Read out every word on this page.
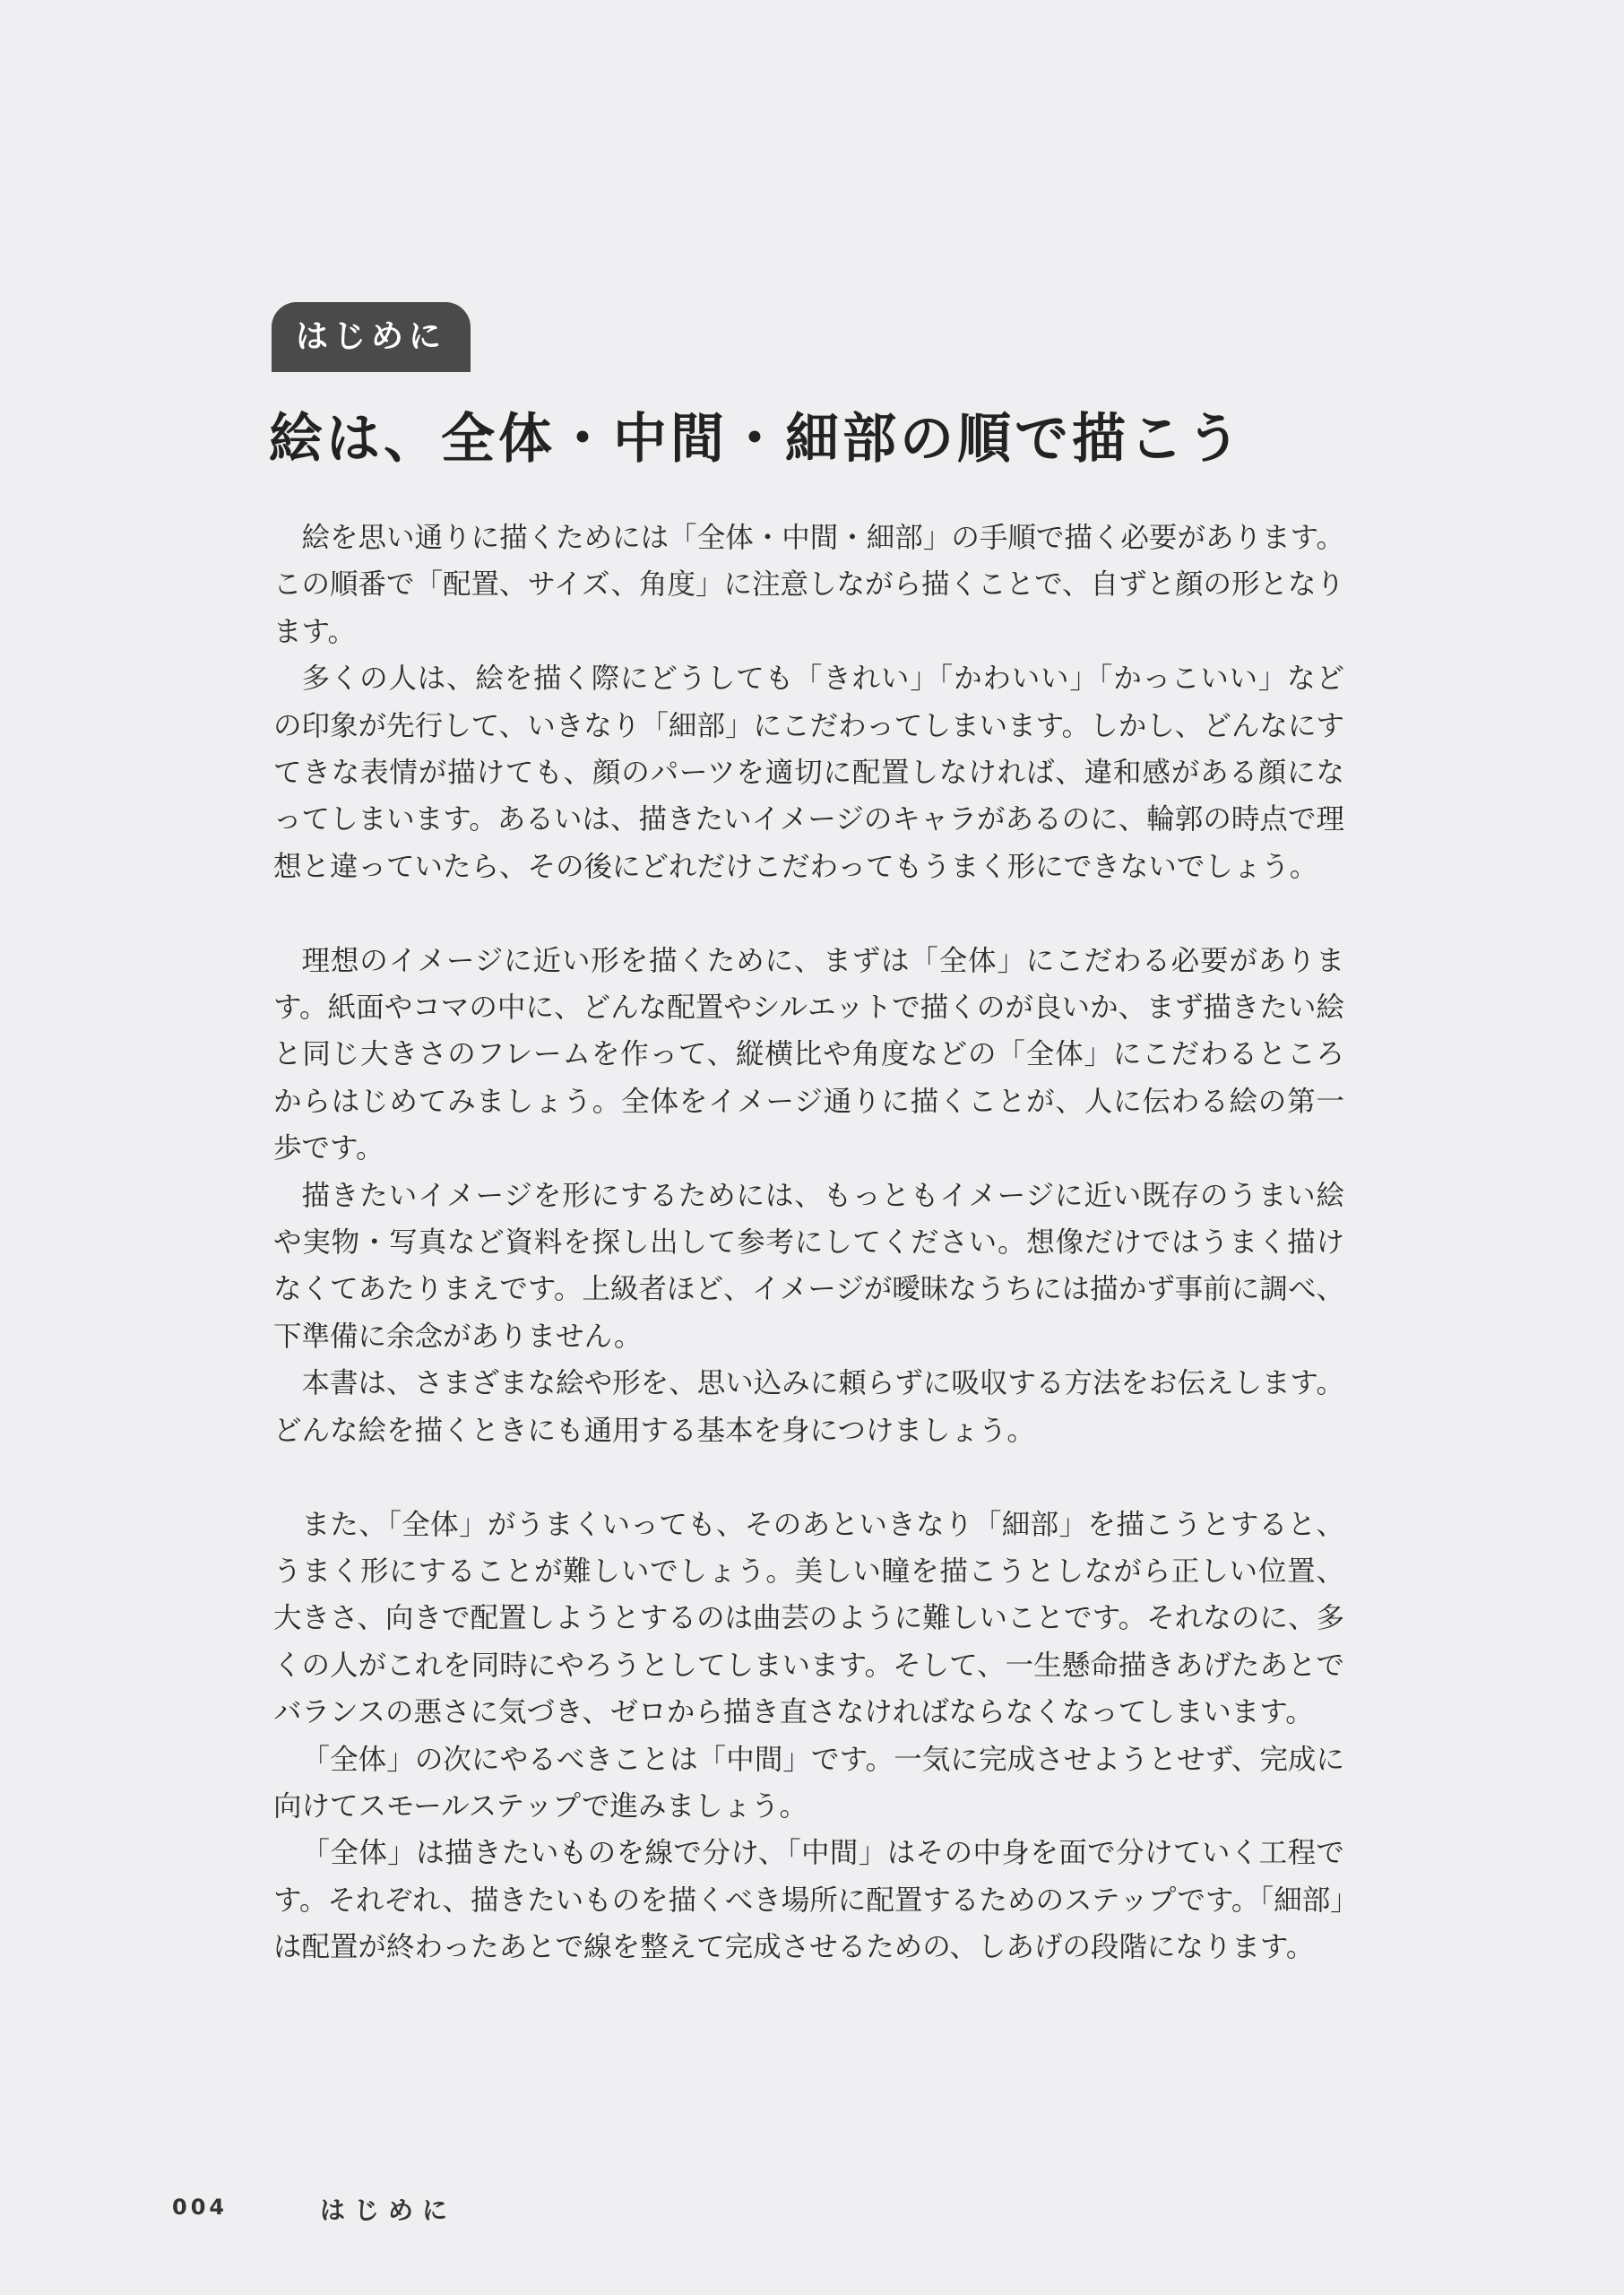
はじめに
絵は、全体・中間・細部の順で描こう

絵を思い通りに描くためには「全体・中間・細部」の手順で描く必要があります。この順番で「配置、サイズ、角度」に注意しながら描くことで、自ずと顔の形となります。

多くの人は、絵を描く際にどうしても「きれい」「かわいい」「かっこいい」などの印象が先行して、いきなり「細部」にこだわってしまいます。しかし、どんなにすてきな表情が描けても、顔のパーツを適切に配置しなければ、違和感がある顔になってしまいます。あるいは、描きたいイメージのキャラがあるのに、輪郭の時点で理想と違っていたら、その後にどれだけこだわってもうまく形にできないでしょう。

理想のイメージに近い形を描くために、まずは「全体」にこだわる必要があります。紙面やコマの中に、どんな配置やシルエットで描くのが良いか、まず描きたい絵と同じ大きさのフレームを作って、縦横比や角度などの「全体」にこだわるところからはじめてみましょう。全体をイメージ通りに描くことが、人に伝わる絵の第一歩です。

描きたいイメージを形にするためには、もっともイメージに近い既存のうまい絵や実物・写真など資料を探し出して参考にしてください。想像だけではうまく描けなくてあたりまえです。上級者ほど、イメージが曖昧なうちには描かず事前に調べ、下準備に余念がありません。

本書は、さまざまな絵や形を、思い込みに頼らずに吸収する方法をお伝えします。どんな絵を描くときにも通用する基本を身につけましょう。

また、「全体」がうまくいっても、そのあといきなり「細部」を描こうとすると、うまく形にすることが難しいでしょう。美しい瞳を描こうとしながら正しい位置、大きさ、向きで配置しようとするのは曲芸のように難しいことです。それなのに、多くの人がこれを同時にやろうとしてしまいます。そして、一生懸命描きあげたあとでバランスの悪さに気づき、ゼロから描き直さなければならなくなってしまいます。

「全体」の次にやるべきことは「中間」です。一気に完成させようとせず、完成に向けてスモールステップで進みましょう。

「全体」は描きたいものを線で分け、「中間」はその中身を面で分けていく工程です。それぞれ、描きたいものを描くべき場所に配置するためのステップです。「細部」は配置が終わったあとで線を整えて完成させるための、しあげの段階になります。

004	はじめに
